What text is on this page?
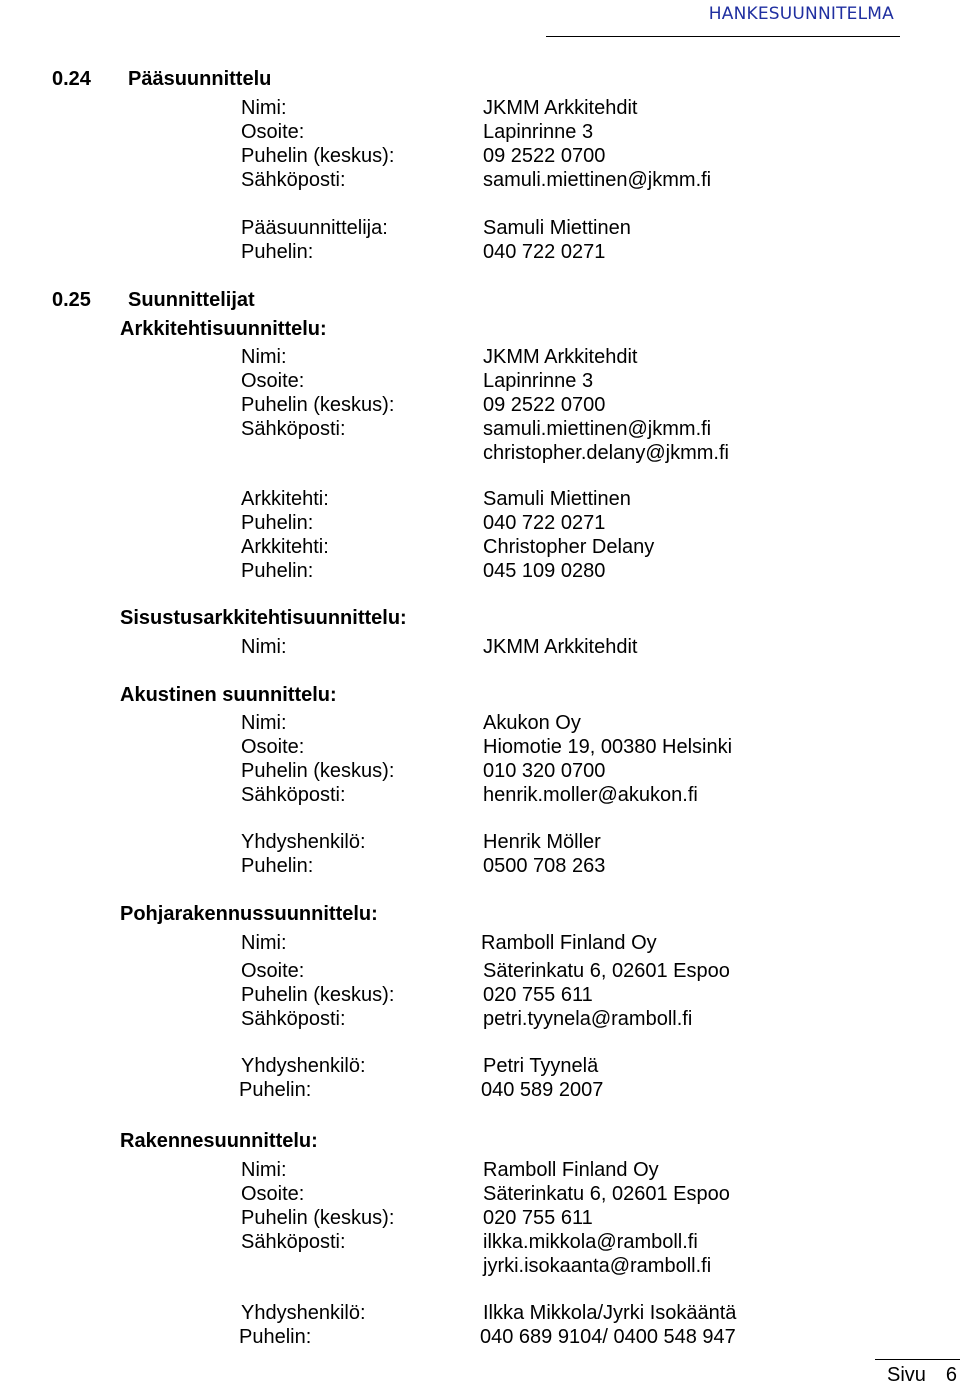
HANKESUUNNITELMA
0.24 Pääsuunnittelu
Nimi:	JKMM Arkkitehdit
Osoite:	Lapinrinne 3
Puhelin (keskus):	09 2522 0700
Sähköposti:	samuli.miettinen@jkmm.fi
Pääsuunnittelija:	Samuli Miettinen
Puhelin:	040 722 0271
0.25 Suunnittelijat
Arkkitehtisuunnittelu:
Nimi:	JKMM Arkkitehdit
Osoite:	Lapinrinne 3
Puhelin (keskus):	09 2522 0700
Sähköposti:	samuli.miettinen@jkmm.fi
christopher.delany@jkmm.fi
Arkkitehti:	Samuli Miettinen
Puhelin:	040 722 0271
Arkkitehti:	Christopher Delany
Puhelin:	045 109 0280
Sisustusarkkitehtisuunnittelu:
Nimi:	JKMM Arkkitehdit
Akustinen suunnittelu:
Nimi:	Akukon Oy
Osoite:	Hiomotie 19, 00380 Helsinki
Puhelin (keskus):	010 320 0700
Sähköposti:	henrik.moller@akukon.fi
Yhdyshenkilö:	Henrik Möller
Puhelin:	0500 708 263
Pohjarakennussuunnittelu:
Nimi:	Ramboll Finland Oy
Osoite:	Säterinkatu 6, 02601 Espoo
Puhelin (keskus):	020 755 611
Sähköposti:	petri.tyynela@ramboll.fi
Yhdyshenkilö:	Petri Tyynelä
Puhelin:	040 589 2007
Rakennesuunnittelu:
Nimi:	Ramboll Finland Oy
Osoite:	Säterinkatu 6, 02601 Espoo
Puhelin (keskus):	020 755 611
Sähköposti:	ilkka.mikkola@ramboll.fi
jyrki.isokaanta@ramboll.fi
Yhdyshenkilö:	Ilkka Mikkola/Jyrki Isokääntä
Puhelin:	040 689 9104/ 0400 548 947
Sivu 6
